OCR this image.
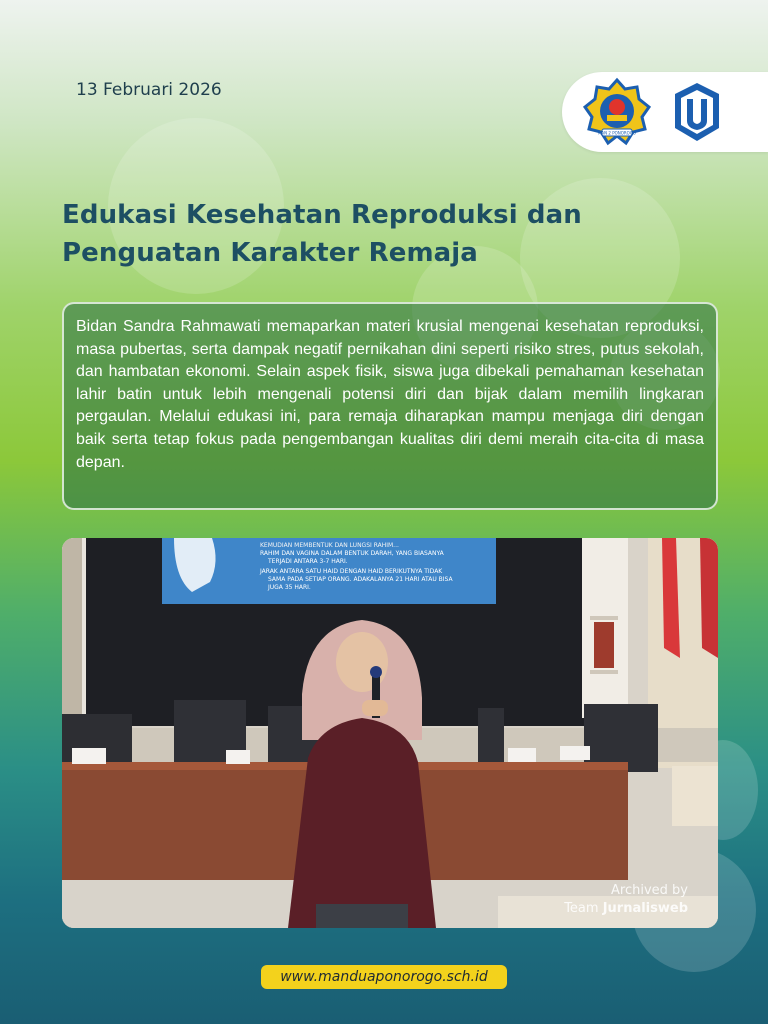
13 Februari 2026
MAN 2 PONOROGO
Edukasi Kesehatan Reproduksi dan
Penguatan Karakter Remaja

Bidan Sandra Rahmawati memaparkan materi krusial mengenai kesehatan reproduksi, masa pubertas, serta dampak negatif pernikahan dini seperti risiko stres, putus sekolah, dan hambatan ekonomi. Selain aspek fisik, siswa juga dibekali pemahaman kesehatan lahir batin untuk lebih mengenali potensi diri dan bijak dalam memilih lingkaran pergaulan. Melalui edukasi ini, para remaja diharapkan mampu menjaga diri dengan baik serta tetap fokus pada pengembangan kualitas diri demi meraih cita-cita di masa depan.

KEMUDIAN MEMBENTUK DAN LUNGSI RAHIM...
RAHIM DAN VAGINA DALAM BENTUK DARAH, YANG BIASANYA
TERJADI ANTARA 3-7 HARI.
JARAK ANTARA SATU HAID DENGAN HAID BERIKUTNYA TIDAK
SAMA PADA SETIAP ORANG. ADAKALANYA 21 HARI ATAU BISA
JUGA 35 HARI.
Archived by
Team Jurnalisweb
www.manduaponorogo.sch.id
